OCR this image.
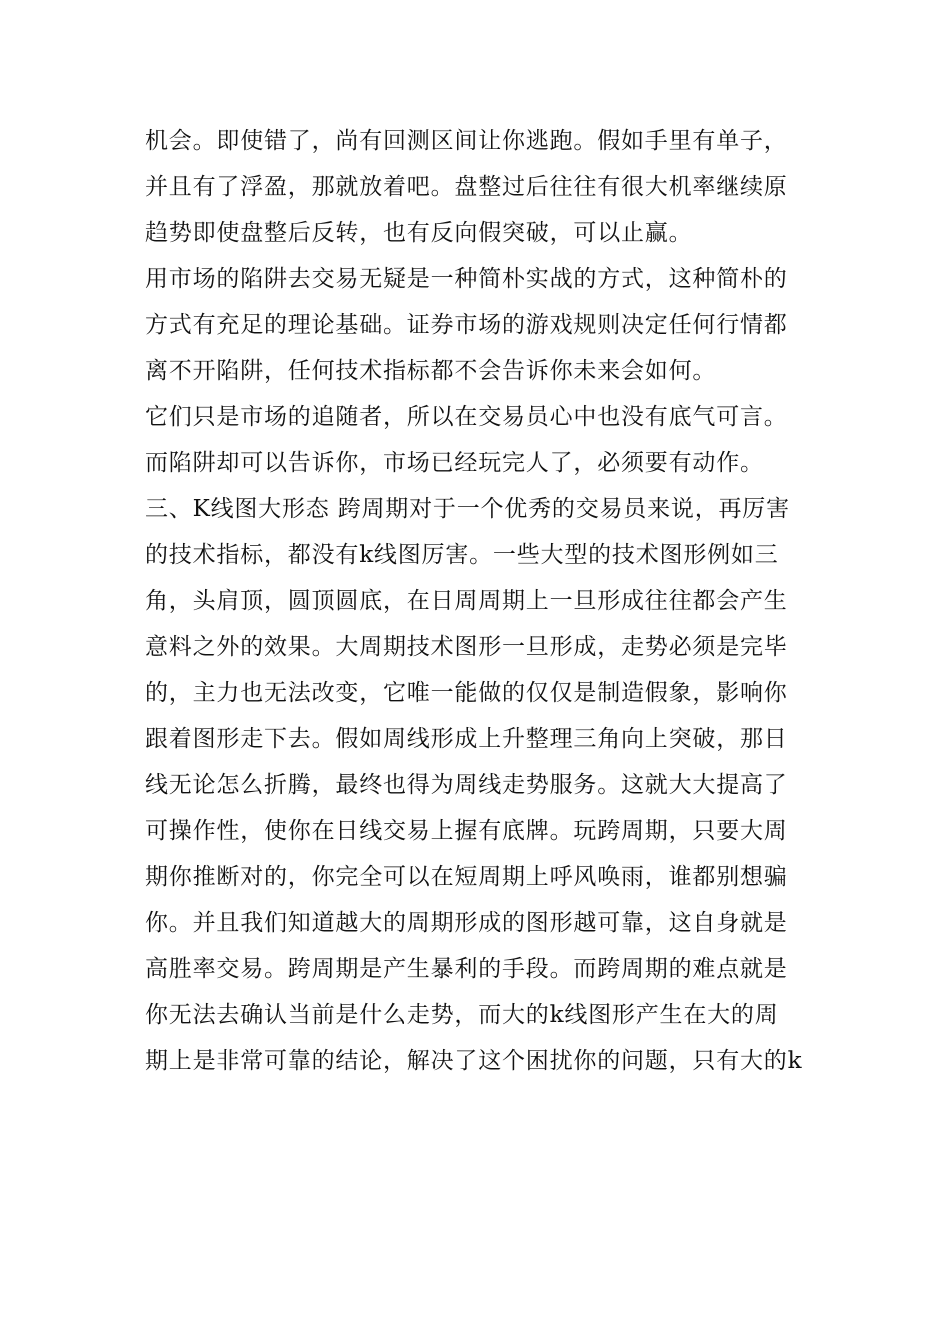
机会。即使错了，尚有回测区间让你逃跑。假如手里有单子，
并且有了浮盈，那就放着吧。盘整过后往往有很大机率继续原
趋势即使盘整后反转，也有反向假突破，可以止赢。
用市场的陷阱去交易无疑是一种简朴实战的方式，这种简朴的
方式有充足的理论基础。证券市场的游戏规则决定任何行情都
离不开陷阱，任何技术指标都不会告诉你未来会如何。
它们只是市场的追随者，所以在交易员心中也没有底气可言。
而陷阱却可以告诉你，市场已经玩完人了，必须要有动作。
三、K线图大形态 跨周期对于一个优秀的交易员来说，再厉害
的技术指标，都没有k线图厉害。一些大型的技术图形例如三
角，头肩顶，圆顶圆底，在日周周期上一旦形成往往都会产生
意料之外的效果。大周期技术图形一旦形成，走势必须是完毕
的，主力也无法改变，它唯一能做的仅仅是制造假象，影响你
跟着图形走下去。假如周线形成上升整理三角向上突破，那日
线无论怎么折腾，最终也得为周线走势服务。这就大大提高了
可操作性，使你在日线交易上握有底牌。玩跨周期，只要大周
期你推断对的，你完全可以在短周期上呼风唤雨，谁都别想骗
你。并且我们知道越大的周期形成的图形越可靠，这自身就是
高胜率交易。跨周期是产生暴利的手段。而跨周期的难点就是
你无法去确认当前是什么走势，而大的k线图形产生在大的周
期上是非常可靠的结论，解决了这个困扰你的问题，只有大的k
